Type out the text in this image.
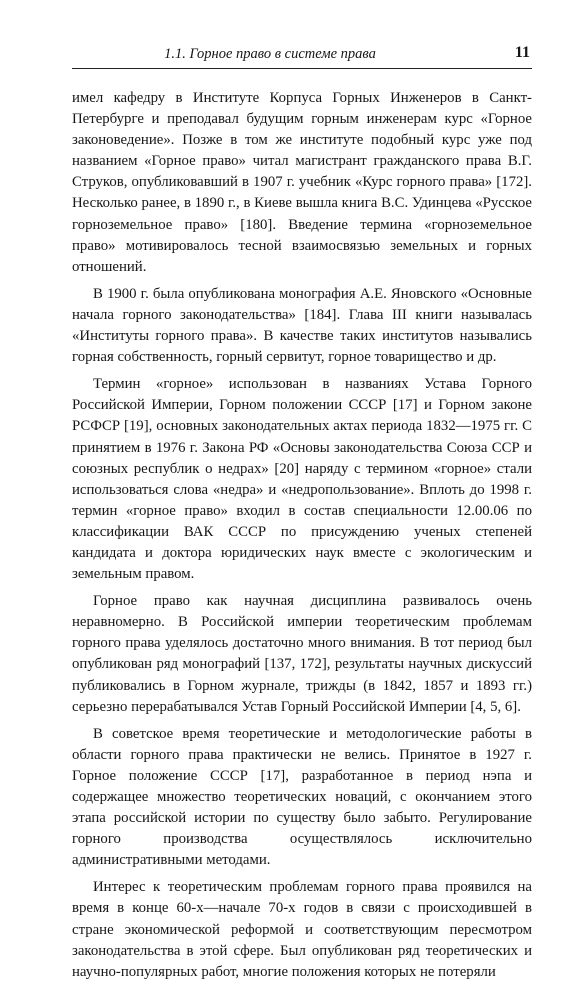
1.1. Горное право в системе права	11

имел кафедру в Институте Корпуса Горных Инженеров в Санкт-Петербурге и преподавал будущим горным инженерам курс «Горное законоведение». Позже в том же институте подобный курс уже под названием «Горное право» читал магистрант гражданского права В.Г. Струков, опубликовавший в 1907 г. учебник «Курс горного права» [172]. Несколько ранее, в 1890 г., в Киеве вышла книга В.С. Удинцева «Русское горноземельное право» [180]. Введение термина «горноземельное право» мотивировалось тесной взаимосвязью земельных и горных отношений.

В 1900 г. была опубликована монография А.Е. Яновского «Основные начала горного законодательства» [184]. Глава III книги называлась «Институты горного права». В качестве таких институтов назывались горная собственность, горный сервитут, горное товарищество и др.

Термин «горное» использован в названиях Устава Горного Российской Империи, Горном положении СССР [17] и Горном законе РСФСР [19], основных законодательных актах периода 1832—1975 гг. С принятием в 1976 г. Закона РФ «Основы законодательства Союза ССР и союзных республик о недрах» [20] наряду с термином «горное» стали использоваться слова «недра» и «недропользование». Вплоть до 1998 г. термин «горное право» входил в состав специальности 12.00.06 по классификации ВАК СССР по присуждению ученых степеней кандидата и доктора юридических наук вместе с экологическим и земельным правом.

Горное право как научная дисциплина развивалось очень неравномерно. В Российской империи теоретическим проблемам горного права уделялось достаточно много внимания. В тот период был опубликован ряд монографий [137, 172], результаты научных дискуссий публиковались в Горном журнале, трижды (в 1842, 1857 и 1893 гг.) серьезно перерабатывался Устав Горный Российской Империи [4, 5, 6].

В советское время теоретические и методологические работы в области горного права практически не велись. Принятое в 1927 г. Горное положение СССР [17], разработанное в период нэпа и содержащее множество теоретических новаций, с окончанием этого этапа российской истории по существу было забыто. Регулирование горного производства осуществлялось исключительно административными методами.

Интерес к теоретическим проблемам горного права проявился на время в конце 60-х—начале 70-х годов в связи с происходившей в стране экономической реформой и соответствующим пересмотром законодательства в этой сфере. Был опубликован ряд теоретических и научно-популярных работ, многие положения которых не потеряли
